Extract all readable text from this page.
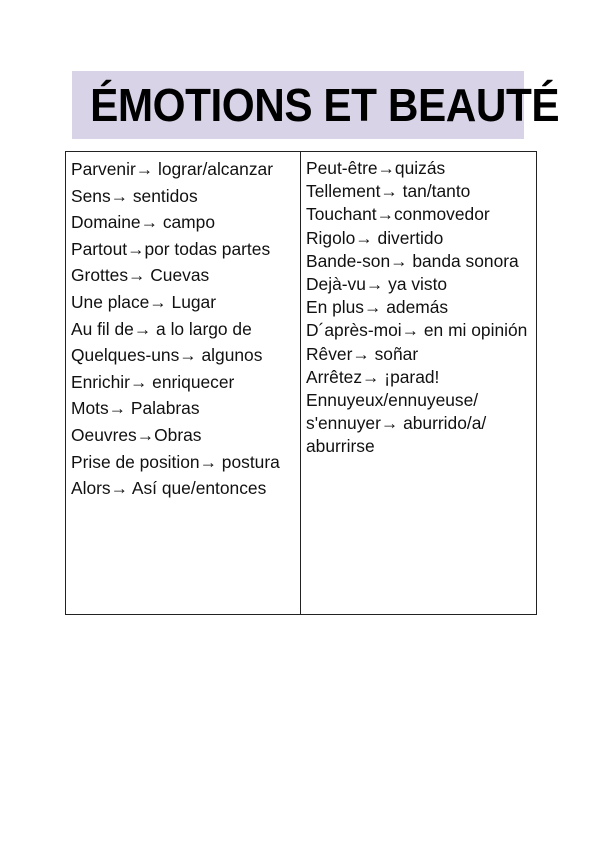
ÉMOTIONS ET BEAUTÉ
Parvenir→ lograr/alcanzar
Sens→ sentidos
Domaine→ campo
Partout→por todas partes
Grottes→ Cuevas
Une place→ Lugar
Au fil de→ a lo largo de
Quelques-uns→ algunos
Enrichir→ enriquecer
Mots→ Palabras
Oeuvres→Obras
Prise de position→ postura
Alors→ Así que/entonces
Peut-être→quizás
Tellement→ tan/tanto
Touchant→conmovedor
Rigolo→ divertido
Bande-son→ banda sonora
Dejà-vu→ ya visto
En plus→ además
D´après-moi→ en mi opinión
Rêver→ soñar
Arrêtez→ ¡parad!
Ennuyeux/ennuyeuse/ s'ennuyer→ aburrido/a/ aburrirse
